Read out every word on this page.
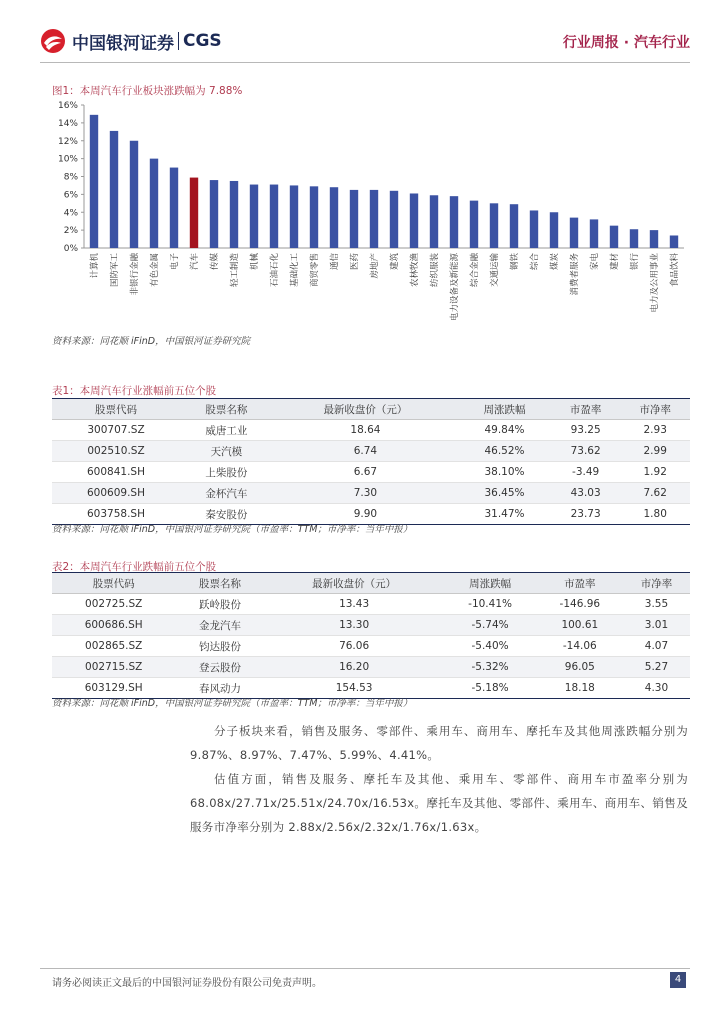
中国银河证券 CGS	行业周报 · 汽车行业
图1：本周汽车行业板块涨跌幅为 7.88%
0%
2%
4%
6%
8%
10%
12%
14%
16%
计算机 国防军工 非银行金融 有色金属 电子 汽车 传媒 轻工制造 机械 石油石化 基础化工 商贸零售 通信 医药 房地产 建筑 农林牧渔 纺织服装 电力设备及新能源 综合金融 交通运输 钢铁 综合 煤炭 消费者服务 家电 建材 银行 电力及公用事业 食品饮料
资料来源：同花顺 iFinD，中国银河证券研究院
表1：本周汽车行业涨幅前五位个股
股票代码	股票名称	最新收盘价（元）	周涨跌幅	市盈率	市净率
300707.SZ	威唐工业	18.64	49.84%	93.25	2.93
002510.SZ	天汽模	6.74	46.52%	73.62	2.99
600841.SH	上柴股份	6.67	38.10%	-3.49	1.92
600609.SH	金杯汽车	7.30	36.45%	43.03	7.62
603758.SH	秦安股份	9.90	31.47%	23.73	1.80
资料来源：同花顺 iFinD，中国银河证券研究院（市盈率：TTM；市净率：当年中报）
表2：本周汽车行业跌幅前五位个股
股票代码	股票名称	最新收盘价（元）	周涨跌幅	市盈率	市净率
002725.SZ	跃岭股份	13.43	-10.41%	-146.96	3.55
600686.SH	金龙汽车	13.30	-5.74%	100.61	3.01
002865.SZ	钧达股份	76.06	-5.40%	-14.06	4.07
002715.SZ	登云股份	16.20	-5.32%	96.05	5.27
603129.SH	春风动力	154.53	-5.18%	18.18	4.30
资料来源：同花顺 iFinD，中国银河证券研究院（市盈率：TTM；市净率：当年中报）
分子板块来看，销售及服务、零部件、乘用车、商用车、摩托车及其他周涨跌幅分别为 9.87%、8.97%、7.47%、5.99%、4.41%。
估值方面，销售及服务、摩托车及其他、乘用车、零部件、商用车市盈率分别为 68.08x/27.71x/25.51x/24.70x/16.53x。摩托车及其他、零部件、乘用车、商用车、销售及服务市净率分别为 2.88x/2.56x/2.32x/1.76x/1.63x。
请务必阅读正文最后的中国银河证券股份有限公司免责声明。	4
